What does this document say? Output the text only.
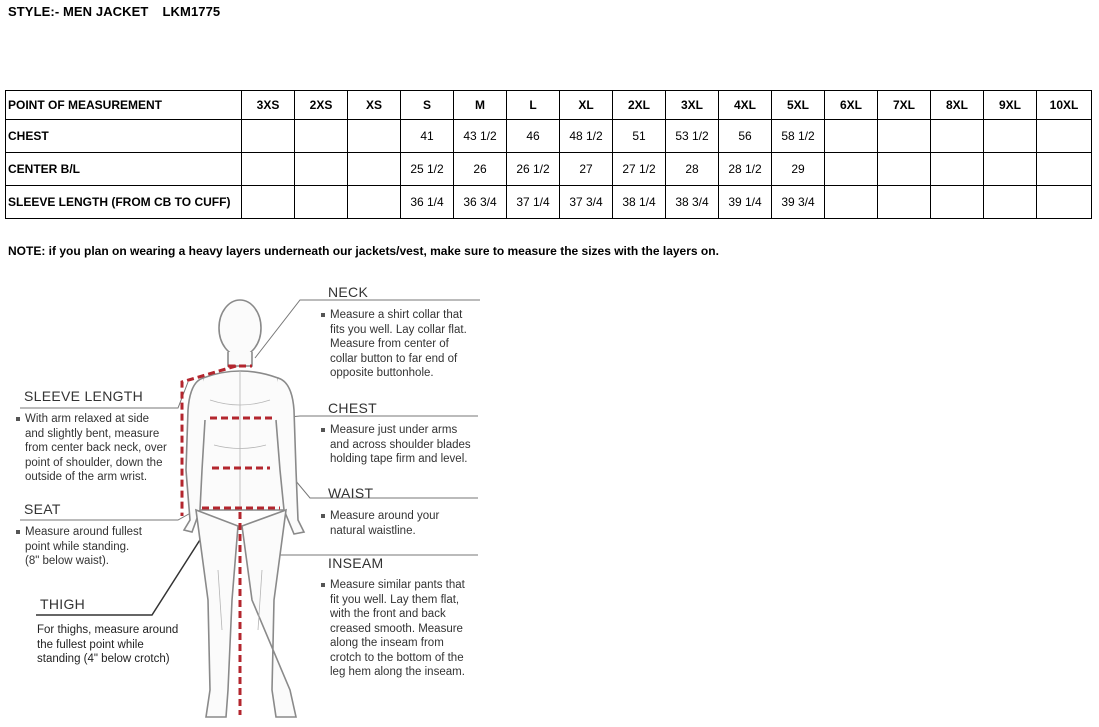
STYLE:- MEN JACKET LKM1775
POINT OF MEASUREMENT	3XS	2XS	XS	S	M	L	XL	2XL	3XL	4XL	5XL	6XL	7XL	8XL	9XL	10XL
CHEST				41	43 1/2	46	48 1/2	51	53 1/2	56	58 1/2					
CENTER B/L				25 1/2	26	26 1/2	27	27 1/2	28	28 1/2	29					
SLEEVE LENGTH (FROM CB TO CUFF)				36 1/4	36 3/4	37 1/4	37 3/4	38 1/4	38 3/4	39 1/4	39 3/4					
NOTE: if you plan on wearing a heavy layers underneath our jackets/vest, make sure to measure the sizes with the layers on.
NECK
Measure a shirt collar that
fits you well. Lay collar flat.
Measure from center of
collar button to far end of
opposite buttonhole.
CHEST
Measure just under arms
and across shoulder blades
holding tape firm and level.
WAIST
Measure around your
natural waistline.
INSEAM
Measure similar pants that
fit you well. Lay them flat,
with the front and back
creased smooth. Measure
along the inseam from
crotch to the bottom of the
leg hem along the inseam.
SLEEVE LENGTH
With arm relaxed at side
and slightly bent, measure
from center back neck, over
point of shoulder, down the
outside of the arm wrist.
SEAT
Measure around fullest
point while standing.
(8" below waist).
THIGH
For thighs, measure around
the fullest point while
standing (4" below crotch)
